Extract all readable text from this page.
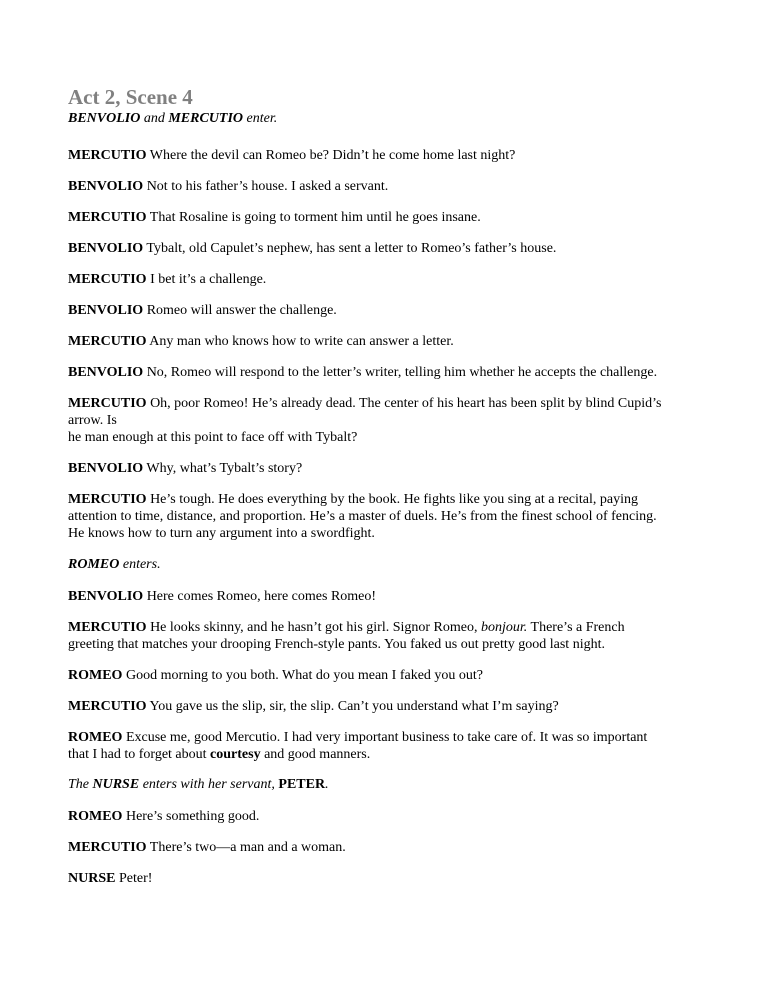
Act 2, Scene 4
BENVOLIO and MERCUTIO enter.
MERCUTIO Where the devil can Romeo be? Didn’t he come home last night?
BENVOLIO Not to his father’s house. I asked a servant.
MERCUTIO That Rosaline is going to torment him until he goes insane.
BENVOLIO Tybalt, old Capulet’s nephew, has sent a letter to Romeo’s father’s house.
MERCUTIO I bet it’s a challenge.
BENVOLIO Romeo will answer the challenge.
MERCUTIO Any man who knows how to write can answer a letter.
BENVOLIO No, Romeo will respond to the letter’s writer, telling him whether he accepts the challenge.
MERCUTIO Oh, poor Romeo! He’s already dead. The center of his heart has been split by blind Cupid’s
arrow. Is
he man enough at this point to face off with Tybalt?
BENVOLIO Why, what’s Tybalt’s story?
MERCUTIO He’s tough. He does everything by the book. He fights like you sing at a recital, paying
attention to time, distance, and proportion. He’s a master of duels. He’s from the finest school of fencing.
He knows how to turn any argument into a swordfight.
ROMEO enters.
BENVOLIO Here comes Romeo, here comes Romeo!
MERCUTIO He looks skinny, and he hasn’t got his girl. Signor Romeo, bonjour. There’s a French
greeting that matches your drooping French-style pants. You faked us out pretty good last night.
ROMEO Good morning to you both. What do you mean I faked you out?
MERCUTIO You gave us the slip, sir, the slip. Can’t you understand what I’m saying?
ROMEO Excuse me, good Mercutio. I had very important business to take care of. It was so important
that I had to forget about courtesy and good manners.
The NURSE enters with her servant, PETER.
ROMEO Here’s something good.
MERCUTIO There’s two—a man and a woman.
NURSE Peter!
